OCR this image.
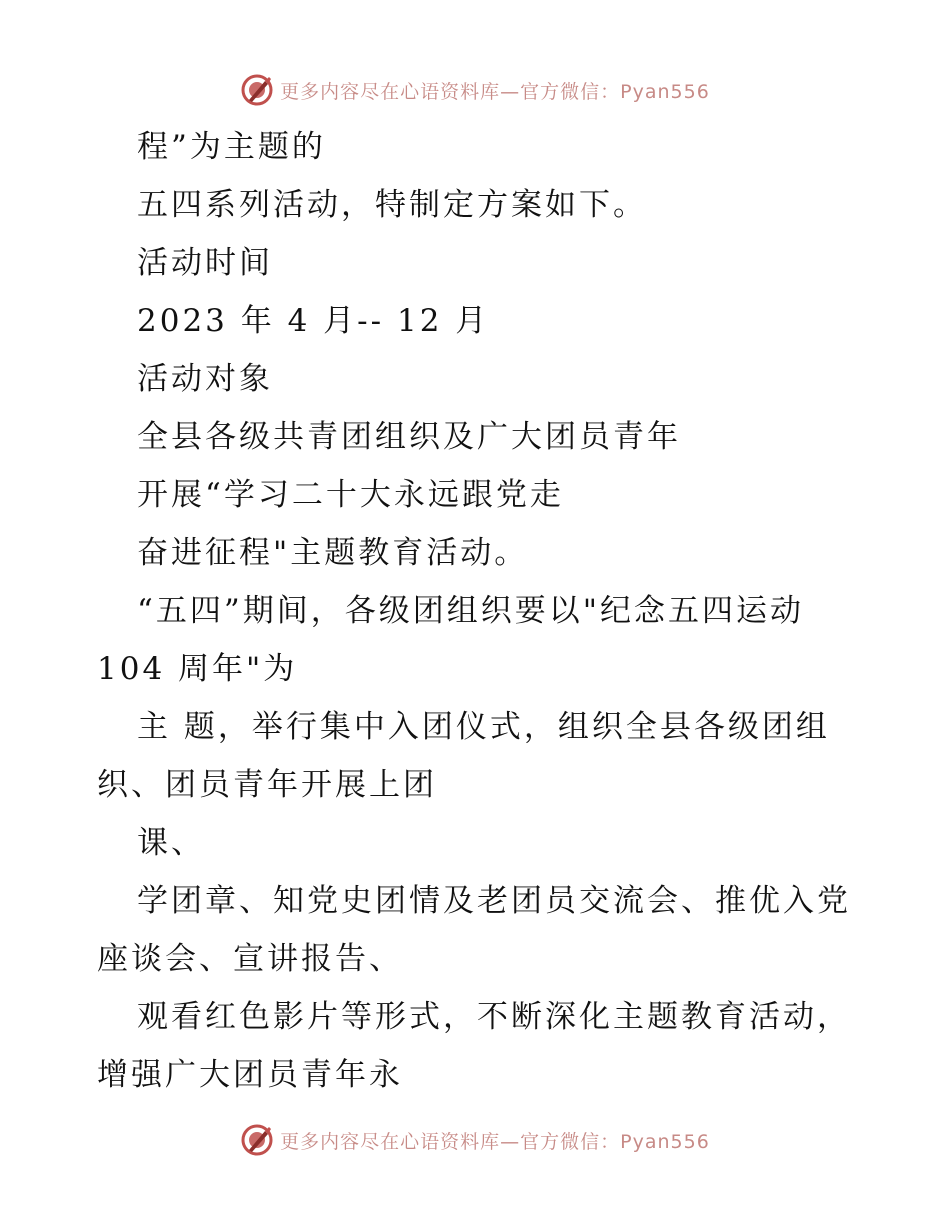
更多内容尽在心语资料库—官方微信：Pyan556
程”为主题的
五四系列活动，特制定方案如下。
活动时间
2023 年 4 月-- 12 月
活动对象
全县各级共青团组织及广大团员青年
开展“学习二十大永远跟党走
奋进征程"主题教育活动。
“五四”期间，各级团组织要以"纪念五四运动
104 周年"为
主 题，举行集中入团仪式，组织全县各级团组
织、团员青年开展上团
课、
学团章、知党史团情及老团员交流会、推优入党
座谈会、宣讲报告、
观看红色影片等形式，不断深化主题教育活动，
增强广大团员青年永
更多内容尽在心语资料库—官方微信：Pyan556
